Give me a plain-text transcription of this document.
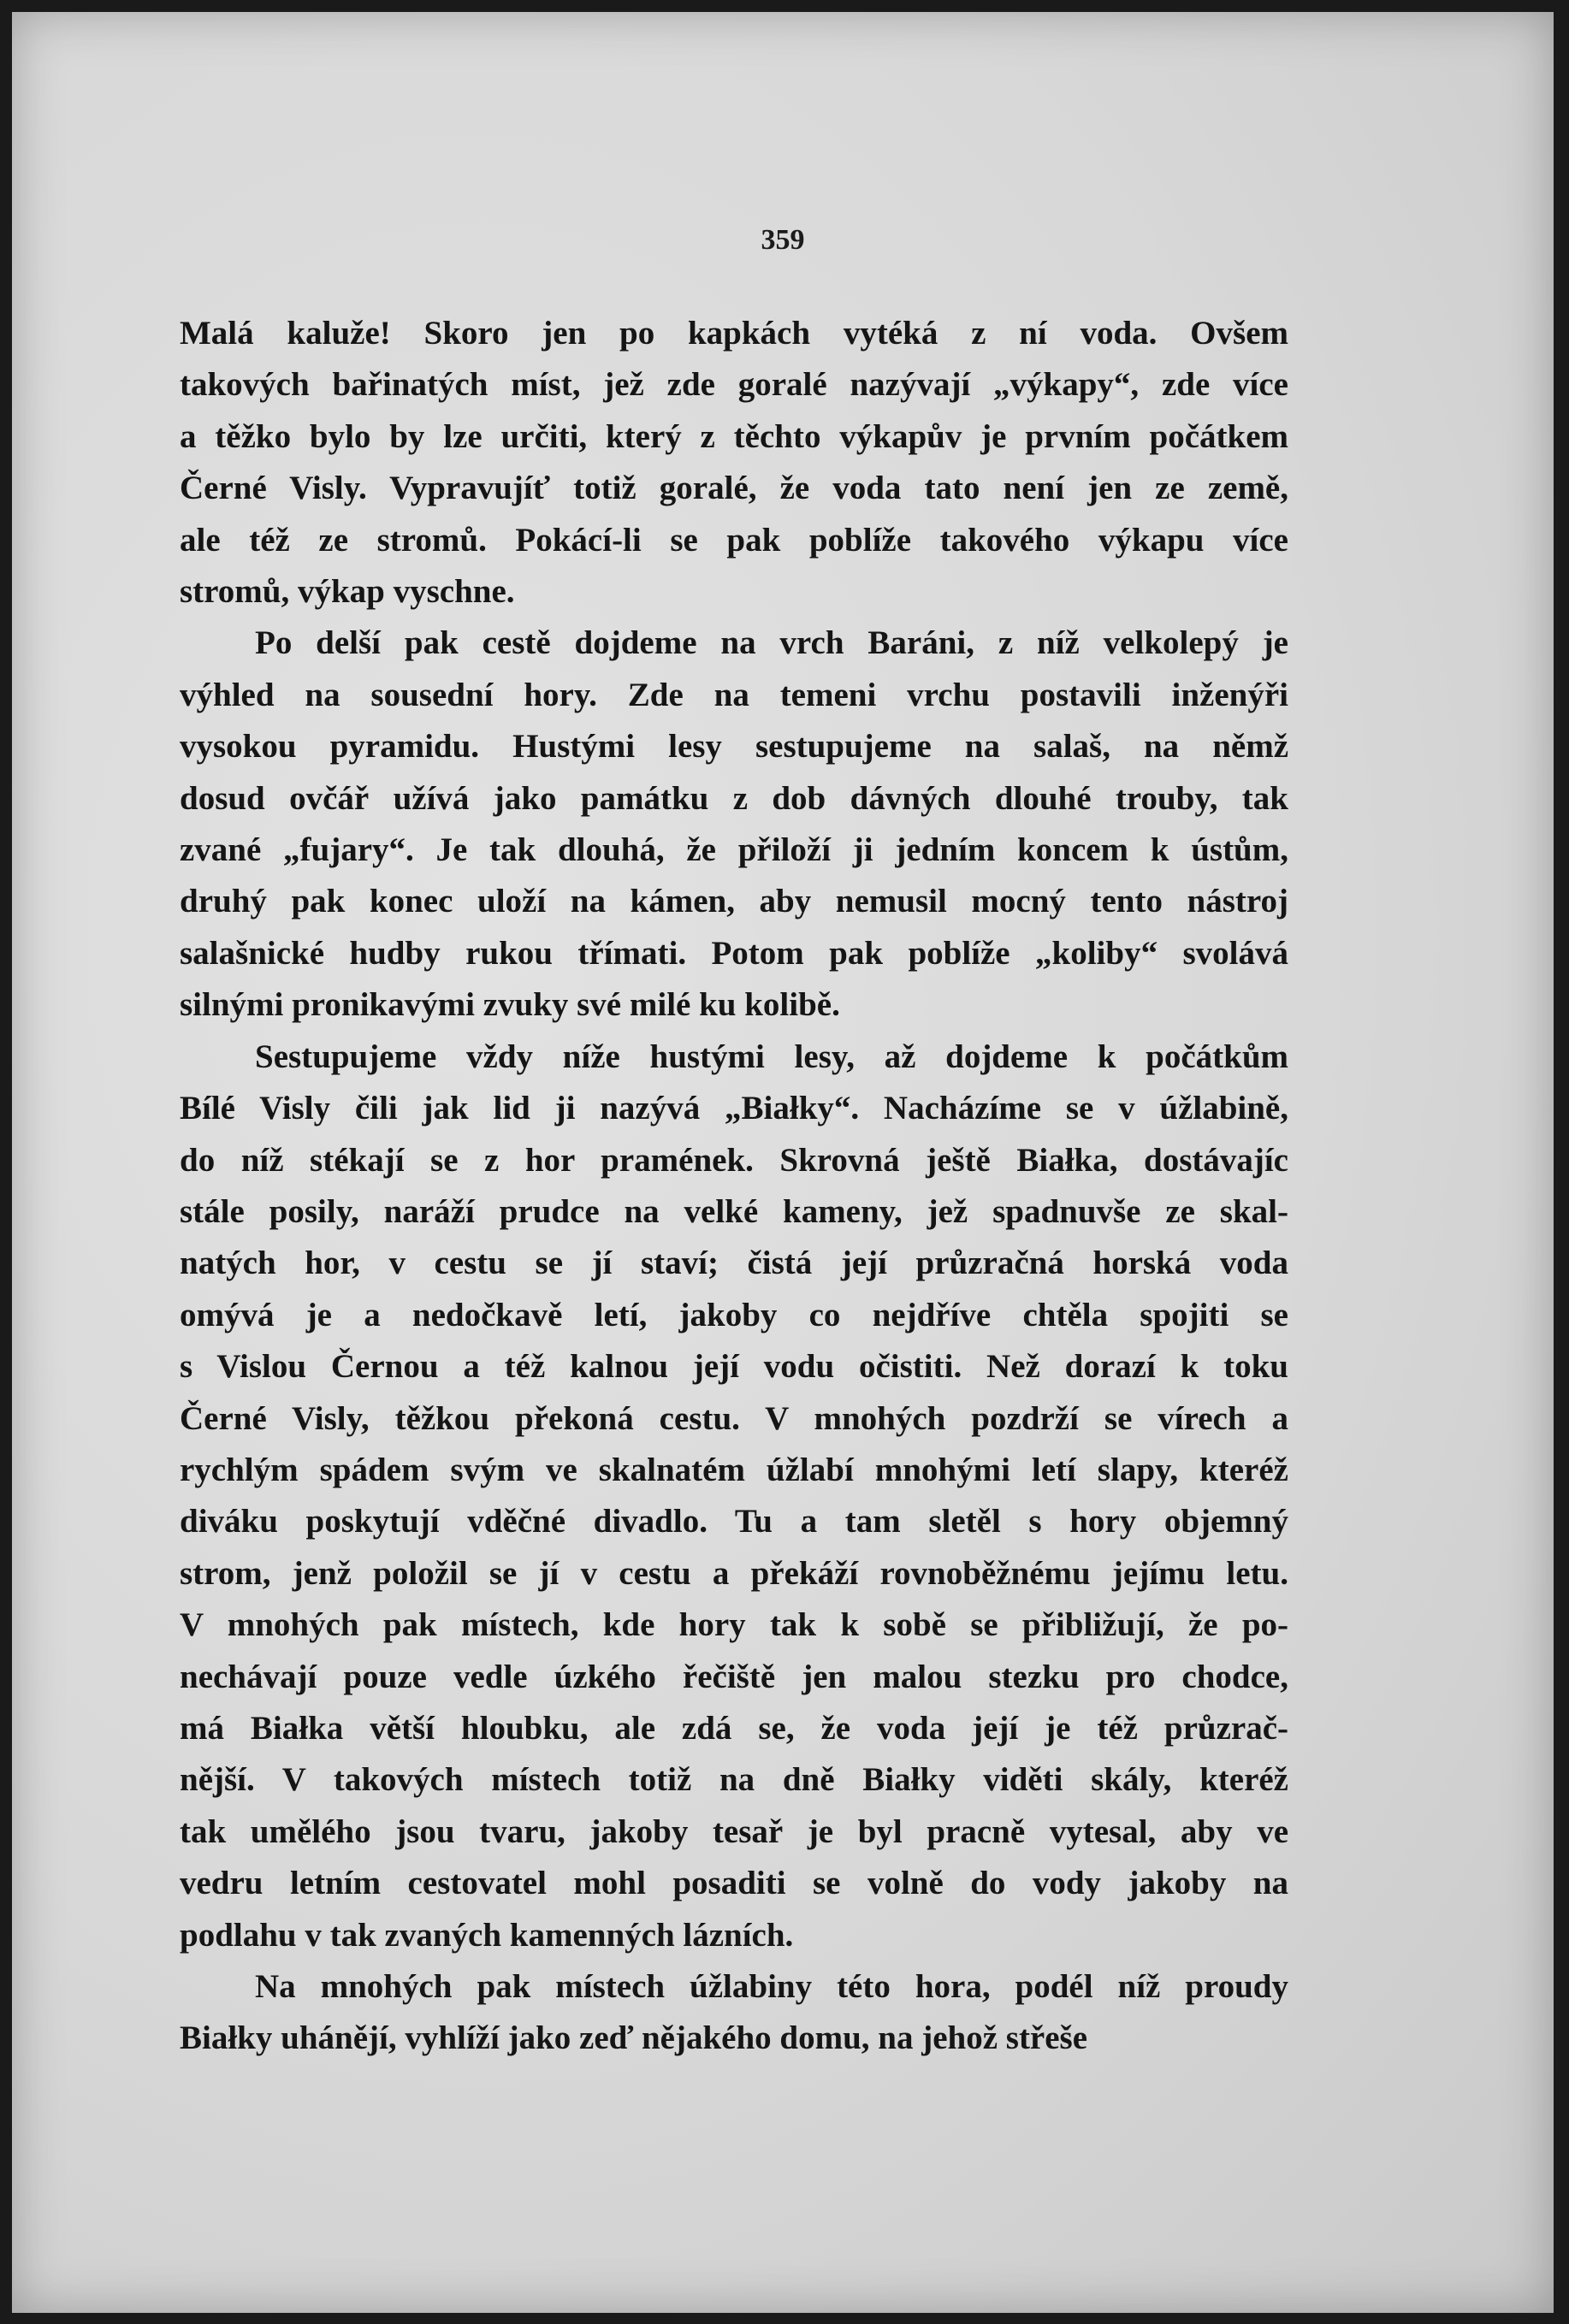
359
Malá kaluže! Skoro jen po kapkách vytéká z ní voda. Ovšem
takových bařinatých míst, jež zde goralé nazývají „výkapy“, zde více
a těžko bylo by lze určiti, který z těchto výkapův je prvním počátkem
Černé Visly. Vypravujíť totiž goralé, že voda tato není jen ze země,
ale též ze stromů. Pokácí-li se pak poblíže takového výkapu více
stromů, výkap vyschne.
Po delší pak cestě dojdeme na vrch Baráni, z níž velkolepý je
výhled na sousední hory. Zde na temeni vrchu postavili inženýři
vysokou pyramidu. Hustými lesy sestupujeme na salaš, na němž
dosud ovčář užívá jako památku z dob dávných dlouhé trouby, tak
zvané „fujary“. Je tak dlouhá, že přiloží ji jedním koncem k ústům,
druhý pak konec uloží na kámen, aby nemusil mocný tento nástroj
salašnické hudby rukou třímati. Potom pak poblíže „koliby“ svolává
silnými pronikavými zvuky své milé ku kolibě.
Sestupujeme vždy níže hustými lesy, až dojdeme k počátkům
Bílé Visly čili jak lid ji nazývá „Białky“. Nacházíme se v úžlabině,
do níž stékají se z hor pramének. Skrovná ještě Białka, dostávajíc
stále posily, naráží prudce na velké kameny, jež spadnuvše ze skal-
natých hor, v cestu se jí staví; čistá její průzračná horská voda
omývá je a nedočkavě letí, jakoby co nejdříve chtěla spojiti se
s Vislou Černou a též kalnou její vodu očistiti. Než dorazí k toku
Černé Visly, těžkou překoná cestu. V mnohých pozdrží se vírech a
rychlým spádem svým ve skalnatém úžlabí mnohými letí slapy, kteréž
diváku poskytují vděčné divadlo. Tu a tam sletěl s hory objemný
strom, jenž položil se jí v cestu a překáží rovnoběžnému jejímu letu.
V mnohých pak místech, kde hory tak k sobě se přibližují, že po-
nechávají pouze vedle úzkého řečiště jen malou stezku pro chodce,
má Białka větší hloubku, ale zdá se, že voda její je též průzrač-
nější. V takových místech totiž na dně Białky viděti skály, kteréž
tak umělého jsou tvaru, jakoby tesař je byl pracně vytesal, aby ve
vedru letním cestovatel mohl posaditi se volně do vody jakoby na
podlahu v tak zvaných kamenných lázních.
Na mnohých pak místech úžlabiny této hora, podél níž proudy
Białky uhánějí, vyhlíží jako zeď nějakého domu, na jehož střeše
